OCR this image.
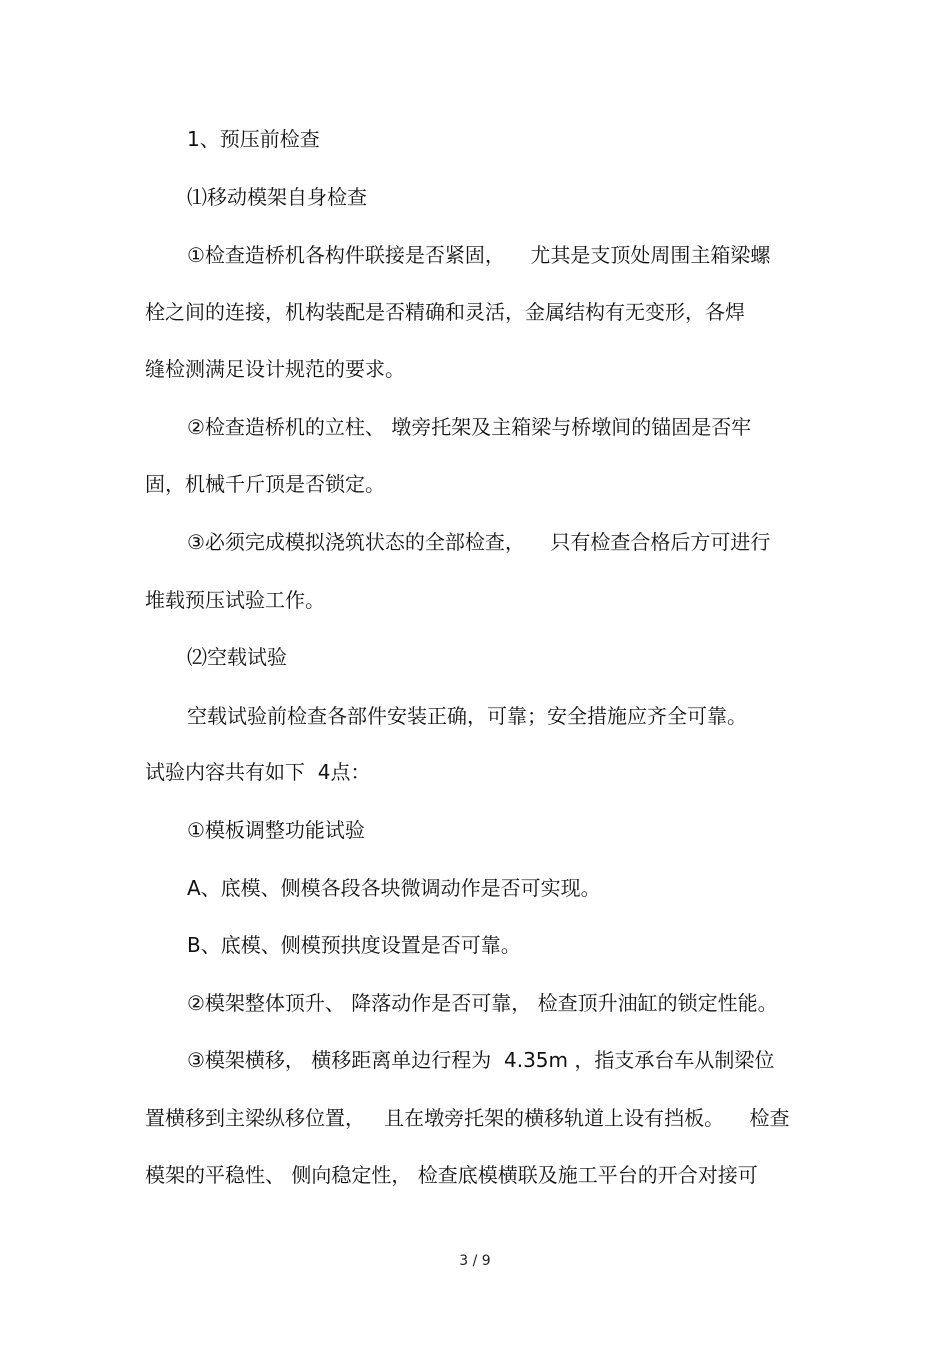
1、预压前检查

⑴移动模架自身检查

①检查造桥机各构件联接是否紧固，    尤其是支顶处周围主箱梁螺

栓之间的连接，机构装配是否精确和灵活，金属结构有无变形，各焊

缝检测满足设计规范的要求。

②检查造桥机的立柱、 墩旁托架及主箱梁与桥墩间的锚固是否牢

固，机械千斤顶是否锁定。

③必须完成模拟浇筑状态的全部检查，    只有检查合格后方可进行

堆载预压试验工作。

⑵空载试验

空载试验前检查各部件安装正确，可靠；安全措施应齐全可靠。

试验内容共有如下  4点：

①模板调整功能试验

A、底模、侧模各段各块微调动作是否可实现。

B、底模、侧模预拱度设置是否可靠。

②模架整体顶升、 降落动作是否可靠， 检查顶升油缸的锁定性能。

③模架横移， 横移距离单边行程为  4.35m ，指支承台车从制梁位

置横移到主梁纵移位置，   且在墩旁托架的横移轨道上设有挡板。    检查

模架的平稳性、 侧向稳定性， 检查底模横联及施工平台的开合对接可

3 / 9
